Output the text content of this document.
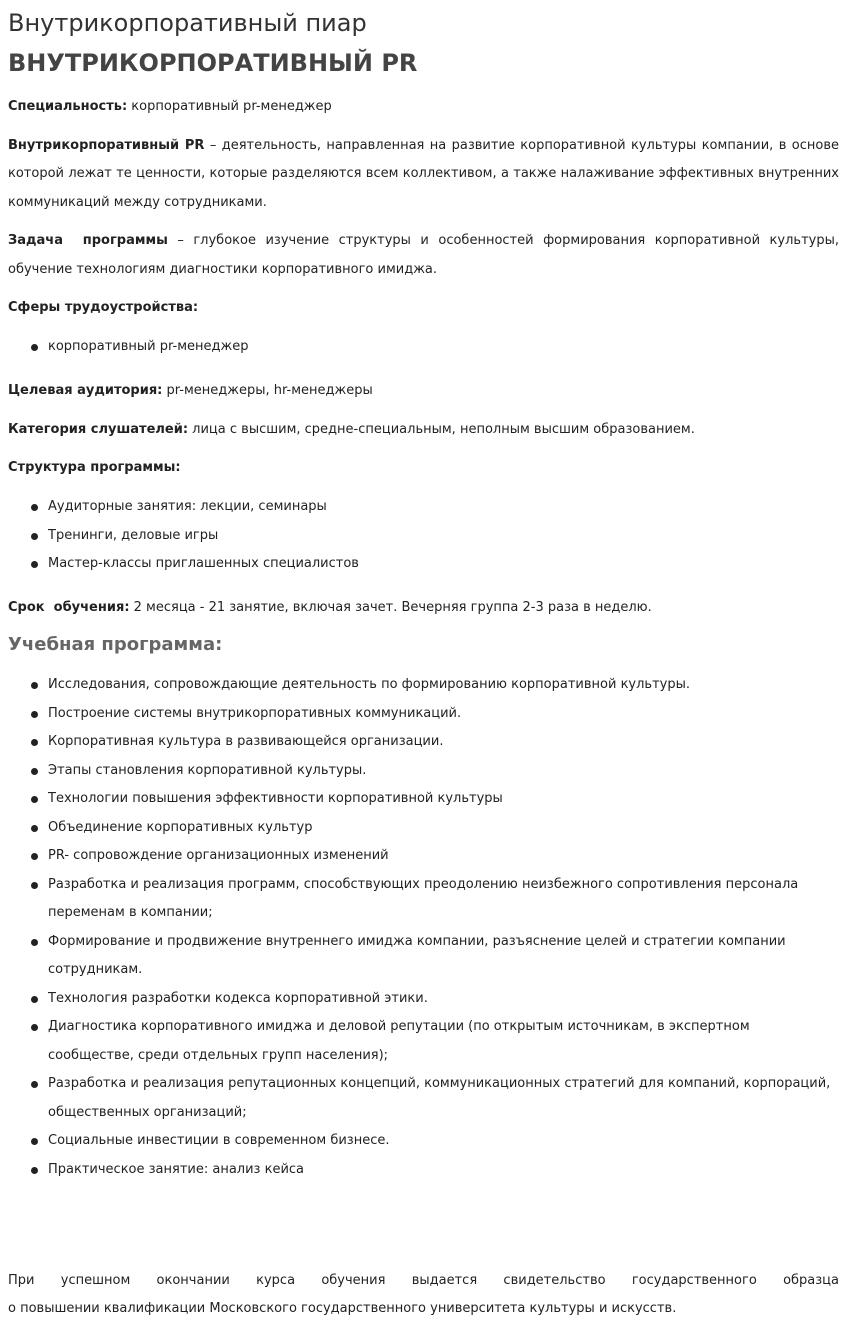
Внутрикорпоративный пиар
ВНУТРИКОРПОРАТИВНЫЙ PR

Специальность: корпоративный pr-менеджер

Внутрикорпоративный PR – деятельность, направленная на развитие корпоративной культуры компании, в основе

которой лежат те ценности, которые разделяются всем коллективом, а также налаживание эффективных внутренних

коммуникаций между сотрудниками.

Задача  программы – глубокое изучение структуры и особенностей формирования корпоративной культуры,

обучение технологиям диагностики корпоративного имиджа.

Сферы трудоустройства:

корпоративный pr-менеджер

Целевая аудитория: pr-менеджеры, hr-менеджеры

Категория слушателей: лица с высшим, средне-специальным, неполным высшим образованием.

Структура программы:

Аудиторные занятия: лекции, семинары
Тренинги, деловые игры
Мастер-классы приглашенных специалистов

Срок  обучения: 2 месяца - 21 занятие, включая зачет. Вечерняя группа 2-3 раза в неделю.

Учебная программа:
Исследования, сопровождающие деятельность по формированию корпоративной культуры.
Построение системы внутрикорпоративных коммуникаций.
Корпоративная культура в развивающейся организации.
Этапы становления корпоративной культуры.
Технологии повышения эффективности корпоративной культуры
Объединение корпоративных культур
PR- сопровождение организационных изменений
Разработка и реализация программ, способствующих преодолению неизбежного сопротивления персонала переменам в компании;
Формирование и продвижение внутреннего имиджа компании, разъяснение целей и стратегии компании сотрудникам.
Технология разработки кодекса корпоративной этики.
Диагностика корпоративного имиджа и деловой репутации (по открытым источникам, в экспертном сообществе, среди отдельных групп населения);
Разработка и реализация репутационных концепций, коммуникационных стратегий для компаний, корпораций, общественных организаций;
Социальные инвестиции в современном бизнесе.
Практическое занятие: анализ кейса

При успешном окончании курса обучения выдается свидетельство государственного образца

о повышении квалификации Московского государственного университета культуры и искусств.
